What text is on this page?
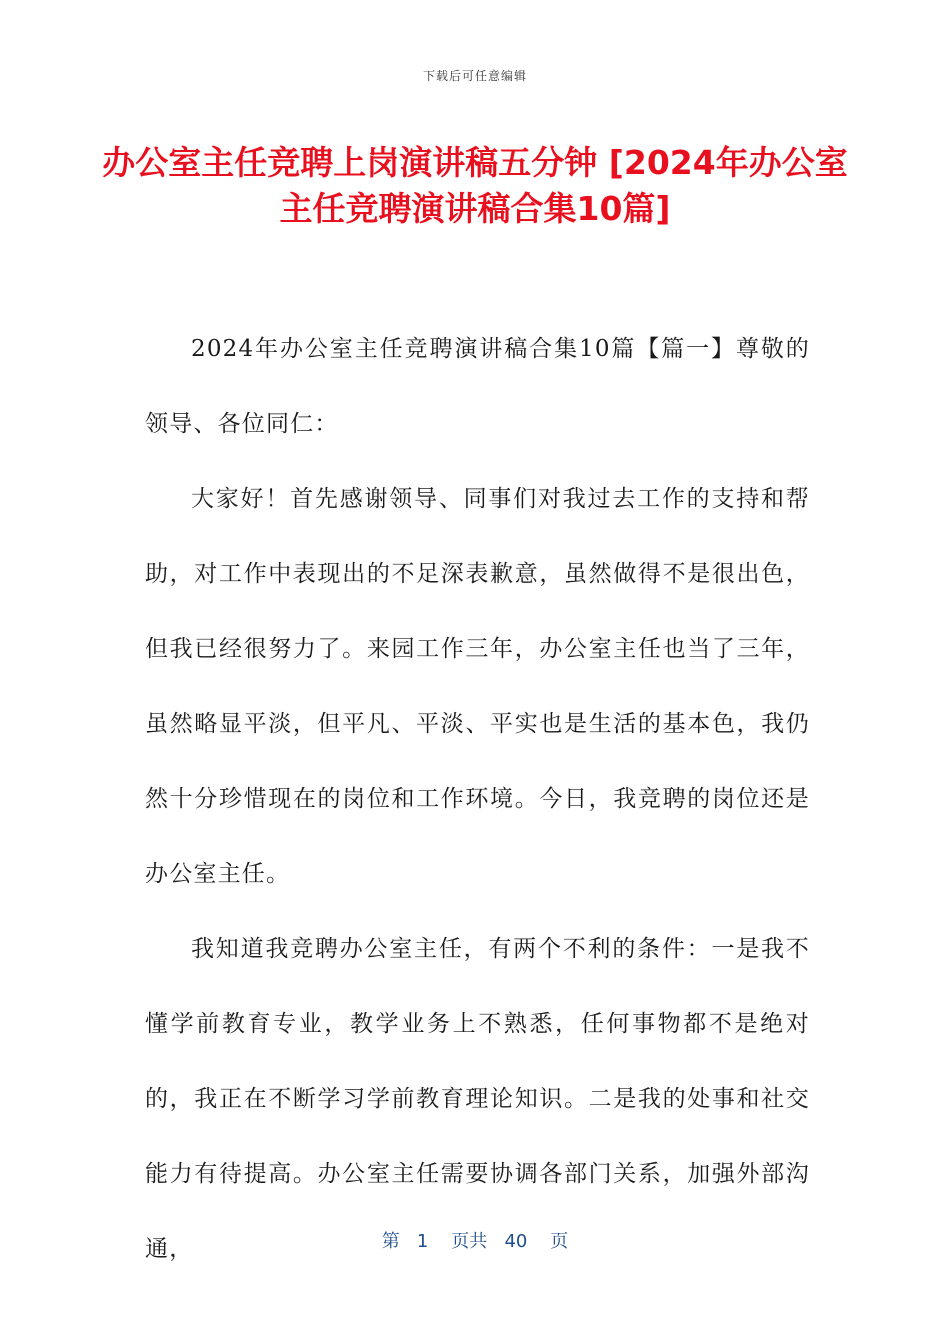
下载后可任意编辑
办公室主任竞聘上岗演讲稿五分钟 [2024年办公室主任竞聘演讲稿合集10篇]

2024年办公室主任竞聘演讲稿合集10篇【篇一】尊敬的领导、各位同仁：

大家好！首先感谢领导、同事们对我过去工作的支持和帮助，对工作中表现出的不足深表歉意，虽然做得不是很出色，但我已经很努力了。来园工作三年，办公室主任也当了三年，虽然略显平淡，但平凡、平淡、平实也是生活的基本色，我仍然十分珍惜现在的岗位和工作环境。今日，我竞聘的岗位还是办公室主任。

我知道我竞聘办公室主任，有两个不利的条件：一是我不懂学前教育专业，教学业务上不熟悉，任何事物都不是绝对的，我正在不断学习学前教育理论知识。二是我的处事和社交能力有待提高。办公室主任需要协调各部门关系，加强外部沟通，	第 1 页共 40 页
